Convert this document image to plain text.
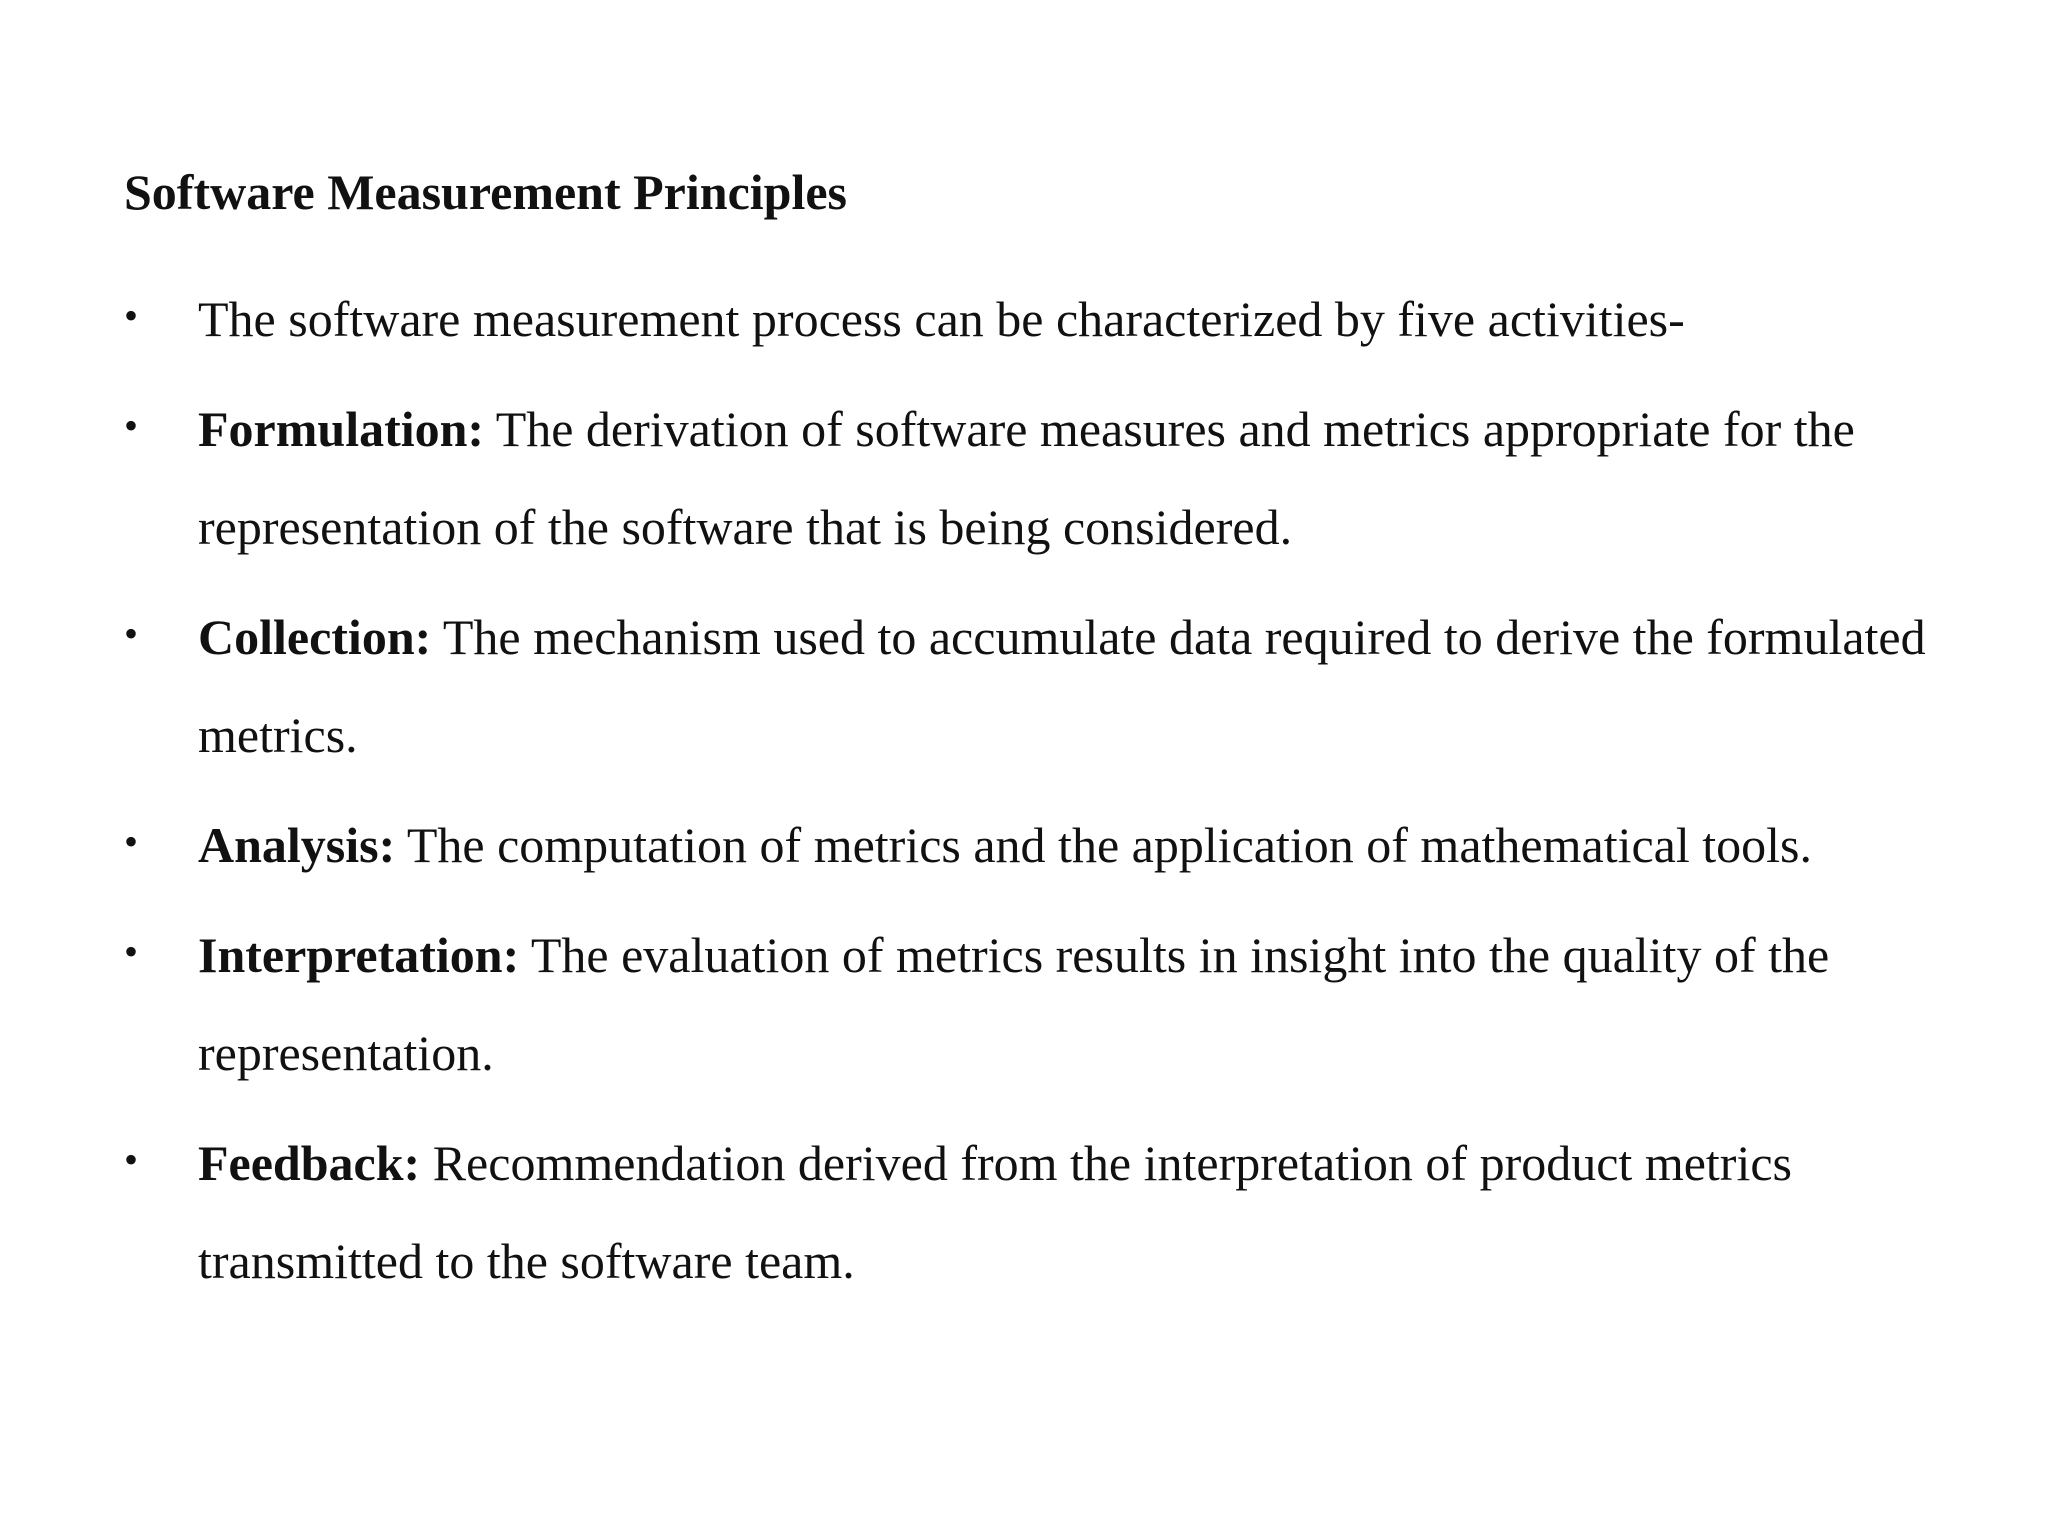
Software Measurement Principles
•	The software measurement process can be characterized by five activities-
•	Formulation: The derivation of software measures and metrics appropriate for the representation of the software that is being considered.
•	Collection: The mechanism used to accumulate data required to derive the formulated metrics.
•	Analysis: The computation of metrics and the application of mathematical tools.
•	Interpretation: The evaluation of metrics results in insight into the quality of the representation.
•	Feedback: Recommendation derived from the interpretation of product metrics transmitted to the software team.
